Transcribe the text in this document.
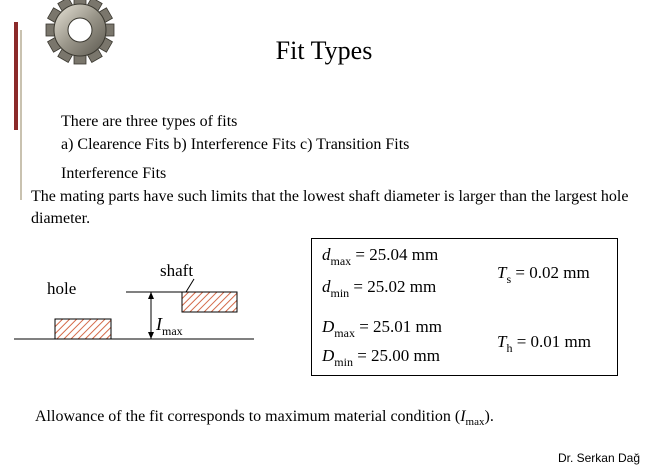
Fit Types
There are three types of fits
a) Clearence Fits b) Interference Fits c) Transition Fits
Interference Fits
The mating parts have such limits that the lowest shaft diameter is larger than the largest hole diameter.
hole
shaft
$I_{max}$
$d_{max} = 25.04$ mm
$d_{min} = 25.02$ mm
$D_{max} = 25.01$ mm
$D_{min} = 25.00$ mm
$T_s = 0.02$ mm
$T_h = 0.01$ mm
Allowance of the fit corresponds to maximum material condition $(I_{max})$.
Dr. Serkan Dağ
